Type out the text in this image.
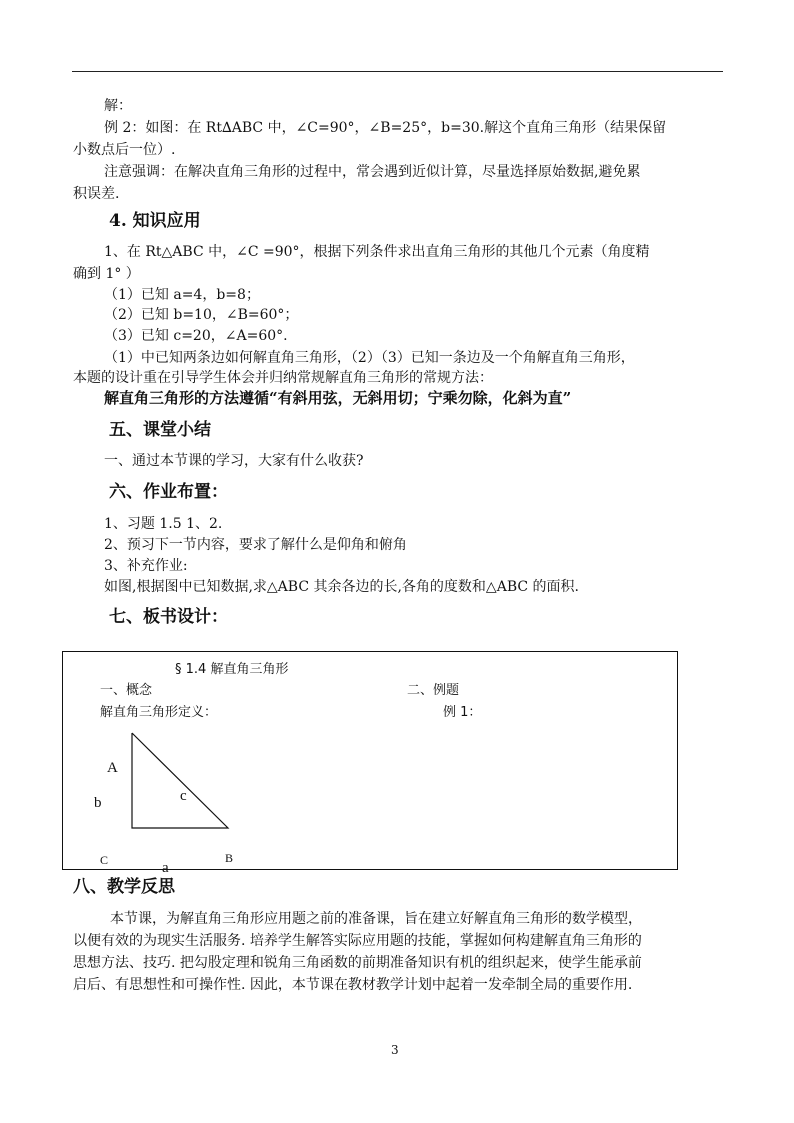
解：
例 2：如图：在 Rt∆ABC 中，∠C=90°，∠B=25°，b=30.解这个直角三角形（结果保留
小数点后一位）.
注意强调：在解决直角三角形的过程中，常会遇到近似计算，尽量选择原始数据,避免累
积误差.
4. 知识应用
1、在 Rt△ABC 中，∠C =90°，根据下列条件求出直角三角形的其他几个元素（角度精
确到 1° ）
（1）已知 a=4，b=8；
（2）已知 b=10，∠B=60°；
（3）已知 c=20，∠A=60°.
（1）中已知两条边如何解直角三角形，（2）（3）已知一条边及一个角解直角三角形，
本题的设计重在引导学生体会并归纳常规解直角三角形的常规方法：
解直角三角形的方法遵循“有斜用弦，无斜用切；宁乘勿除，化斜为直”
五、课堂小结
一、通过本节课的学习，大家有什么收获?
六、作业布置：
1、习题 1.5 1、2.
2、预习下一节内容，要求了解什么是仰角和俯角
3、补充作业:
如图,根据图中已知数据,求△ABC 其余各边的长,各角的度数和△ABC 的面积.
七、板书设计：
§ 1.4 解直角三角形
一、概念	二、例题
解直角三角形定义：	例 1：
A
b	c
C	a
B
八、教学反思
本节课，为解直角三角形应用题之前的准备课，旨在建立好解直角三角形的数学模型，
以便有效的为现实生活服务. 培养学生解答实际应用题的技能，掌握如何构建解直角三角形的
思想方法、技巧. 把勾股定理和锐角三角函数的前期准备知识有机的组织起来，使学生能承前
启后、有思想性和可操作性. 因此，本节课在教材教学计划中起着一发牵制全局的重要作用.
3
